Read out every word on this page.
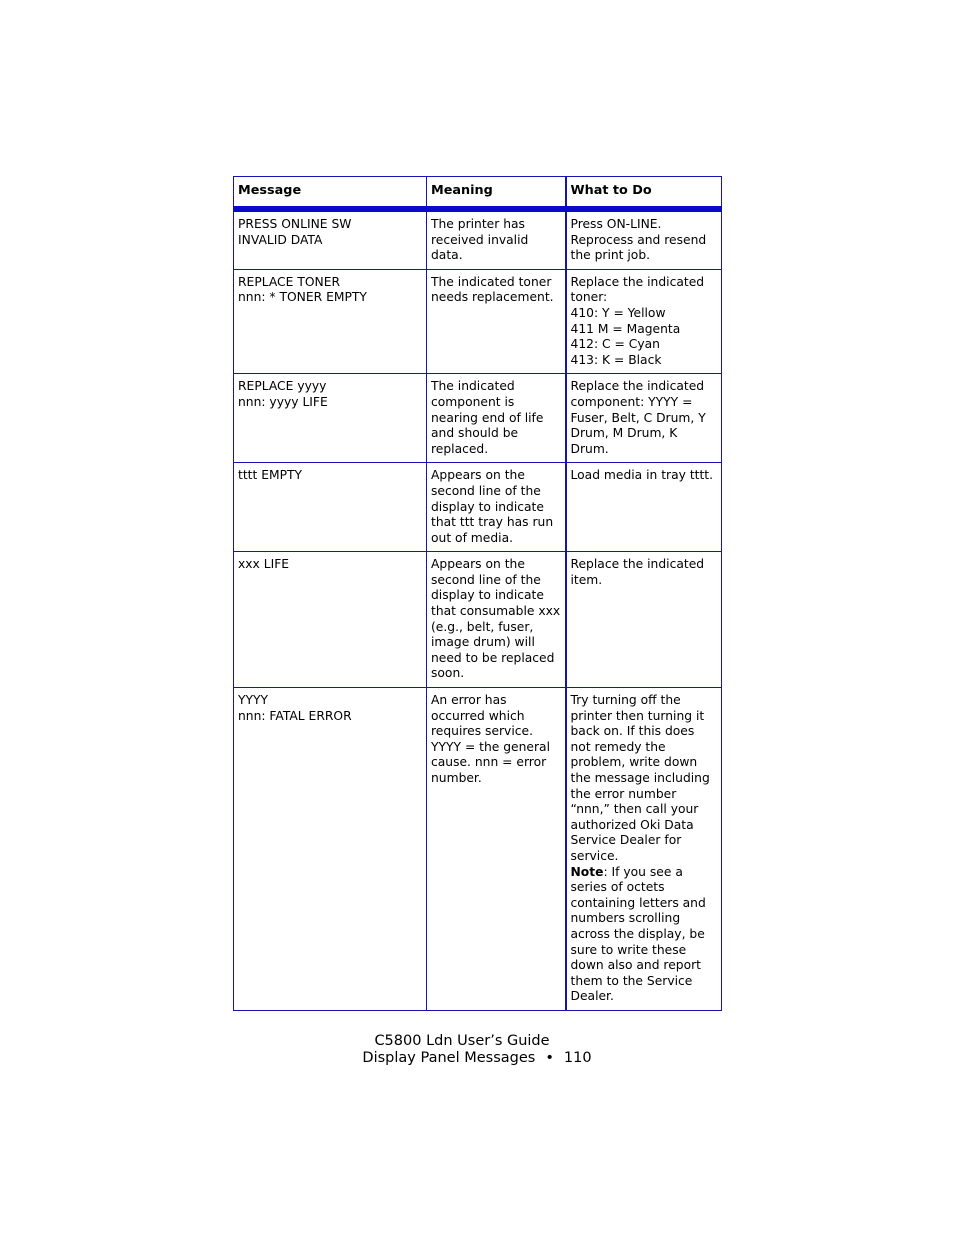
Message	Meaning	What to Do

PRESS ONLINE SW
INVALID DATA	The printer has received invalid data.	Press ON-LINE. Reprocess and resend the print job.

REPLACE TONER
nnn: * TONER EMPTY	The indicated toner needs replacement.	Replace the indicated toner:
410: Y = Yellow
411 M = Magenta
412: C = Cyan
413: K = Black

REPLACE yyyy
nnn: yyyy LIFE	The indicated component is nearing end of life and should be replaced.	Replace the indicated component: YYYY = Fuser, Belt, C Drum, Y Drum, M Drum, K Drum.

tttt EMPTY	Appears on the second line of the display to indicate that ttt tray has run out of media.	Load media in tray tttt.

xxx LIFE	Appears on the second line of the display to indicate that consumable xxx (e.g., belt, fuser, image drum) will need to be replaced soon.	Replace the indicated item.

YYYY
nnn: FATAL ERROR	An error has occurred which requires service. YYYY = the general cause. nnn = error number.	Try turning off the printer then turning it back on. If this does not remedy the problem, write down the message including the error number “nnn,” then call your authorized Oki Data Service Dealer for service.
Note: If you see a series of octets containing letters and numbers scrolling across the display, be sure to write these down also and report them to the Service Dealer.
C5800 Ldn User’s Guide
Display Panel Messages • 110
